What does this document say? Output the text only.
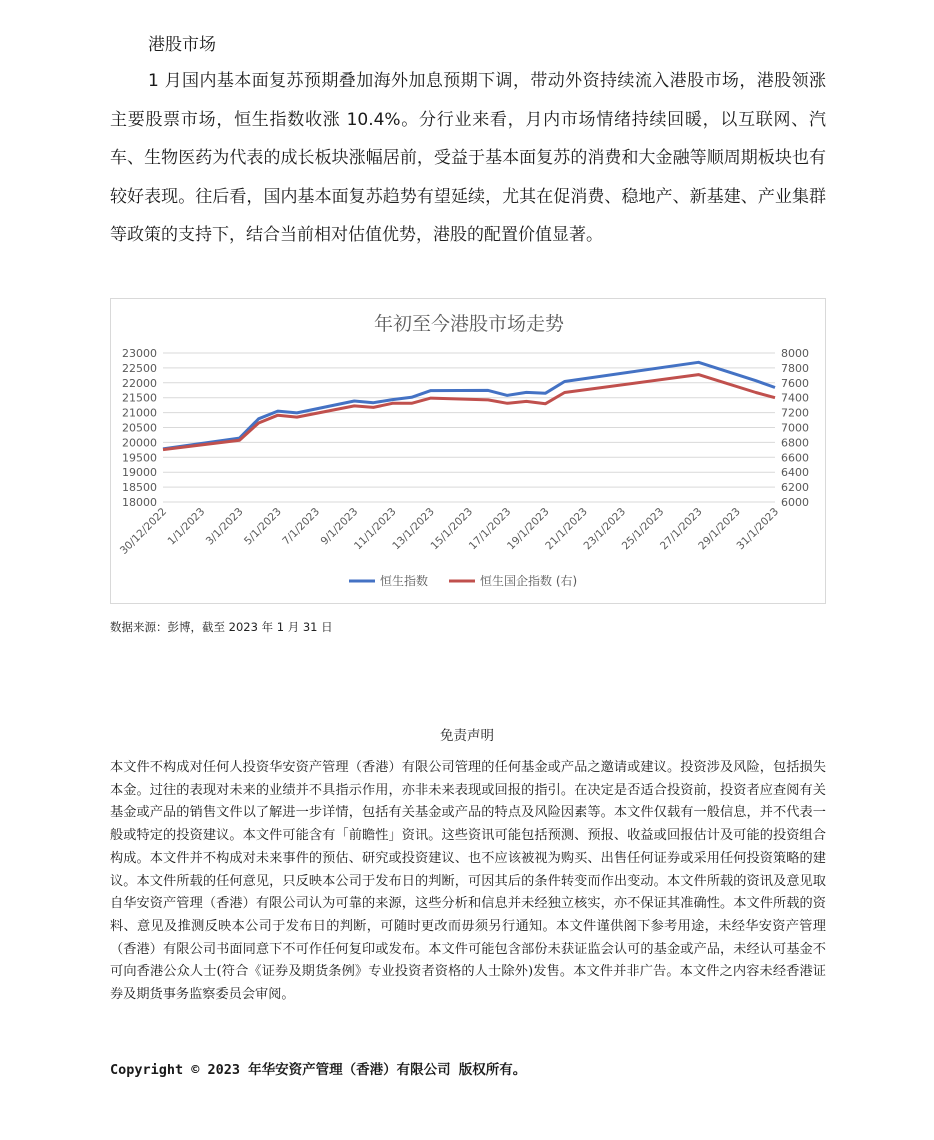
港股市场
1 月国内基本面复苏预期叠加海外加息预期下调，带动外资持续流入港股市场，港股领涨主要股票市场，恒生指数收涨 10.4%。分行业来看，月内市场情绪持续回暖，以互联网、汽车、生物医药为代表的成长板块涨幅居前，受益于基本面复苏的消费和大金融等顺周期板块也有较好表现。往后看，国内基本面复苏趋势有望延续，尤其在促消费、稳地产、新基建、产业集群等政策的支持下，结合当前相对估值优势，港股的配置价值显著。
年初至今港股市场走势
18000
18500
19000
19500
20000
20500
21000
21500
22000
22500
23000
6000
6200
6400
6600
6800
7000
7200
7400
7600
7800
8000
30/12/2022
1/1/2023
3/1/2023
5/1/2023
7/1/2023
9/1/2023
11/1/2023
13/1/2023
15/1/2023
17/1/2023
19/1/2023
21/1/2023
23/1/2023
25/1/2023
27/1/2023
29/1/2023
31/1/2023
恒生指数	恒生国企指数 (右)
数据来源：彭博，截至 2023 年 1 月 31 日
免责声明
本文件不构成对任何人投资华安资产管理（香港）有限公司管理的任何基金或产品之邀请或建议。投资涉及风险，包括损失本金。过往的表现对未来的业绩并不具指示作用，亦非未来表现或回报的指引。在决定是否适合投资前，投资者应查阅有关基金或产品的销售文件以了解进一步详情，包括有关基金或产品的特点及风险因素等。本文件仅载有一般信息，并不代表一般或特定的投资建议。本文件可能含有「前瞻性」资讯。这些资讯可能包括预测、预报、收益或回报估计及可能的投资组合构成。本文件并不构成对未来事件的预估、研究或投资建议、也不应该被视为购买、出售任何证券或采用任何投资策略的建议。本文件所载的任何意见，只反映本公司于发布日的判断，可因其后的条件转变而作出变动。本文件所载的资讯及意见取自华安资产管理（香港）有限公司认为可靠的来源，这些分析和信息并未经独立核实，亦不保证其准确性。本文件所载的资料、意见及推测反映本公司于发布日的判断，可随时更改而毋须另行通知。本文件谨供阁下参考用途，未经华安资产管理（香港）有限公司书面同意下不可作任何复印或发布。本文件可能包含部份未获证监会认可的基金或产品，未经认可基金不可向香港公众人士(符合《证券及期货条例》专业投资者资格的人士除外)发售。本文件并非广告。本文件之内容未经香港证券及期货事务监察委员会审阅。
Copyright © 2023 年华安资产管理（香港）有限公司 版权所有。
